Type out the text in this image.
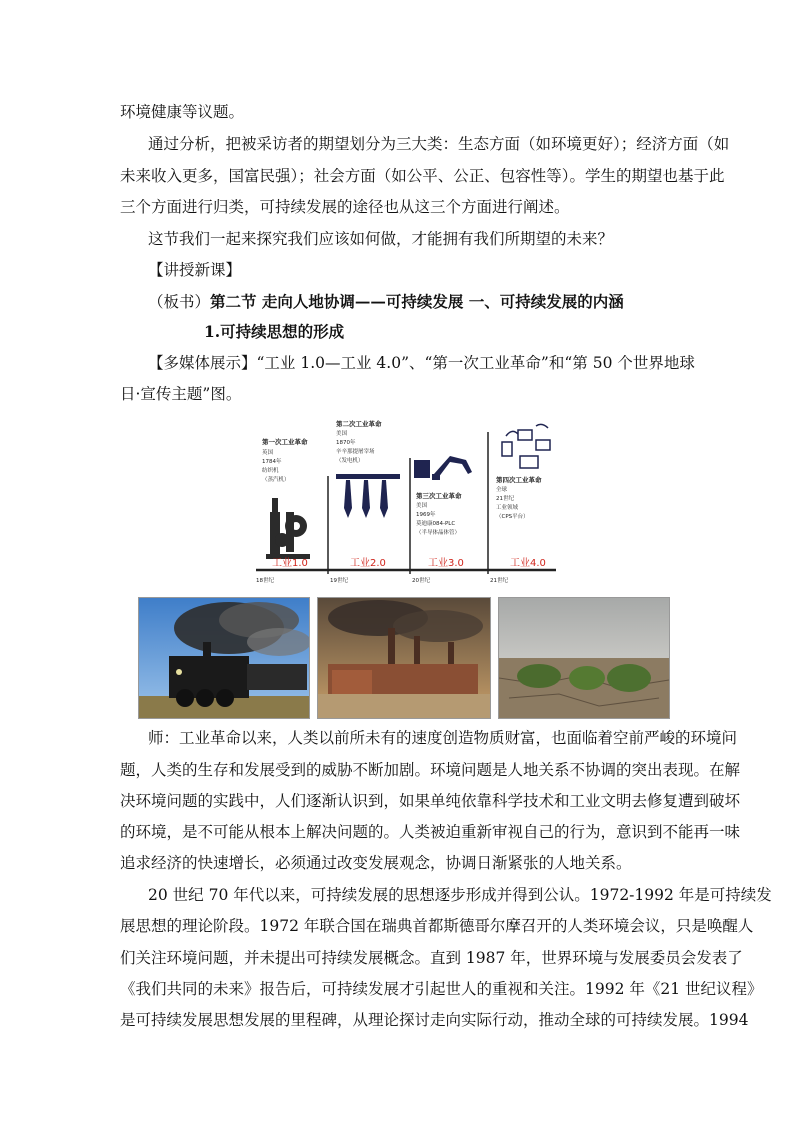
环境健康等议题。
通过分析，把被采访者的期望划分为三大类：生态方面（如环境更好）；经济方面（如
未来收入更多，国富民强）；社会方面（如公平、公正、包容性等）。学生的期望也基于此
三个方面进行归类，可持续发展的途径也从这三个方面进行阐述。
这节我们一起来探究我们应该如何做，才能拥有我们所期望的未来？
【讲授新课】
（板书）第二节 走向人地协调——可持续发展 一、可持续发展的内涵
1.可持续思想的形成
【多媒体展示】“工业 1.0—工业 4.0”、“第一次工业革命”和“第 50 个世界地球
日·宣传主题”图。
第一次工业革命
英国
1784年
纺织机
（蒸汽机）
工业1.0
第二次工业革命
美国
1870年
辛辛那提屠宰场
（发电机）
工业2.0
第三次工业革命
美国
1969年
莫迪康084-PLC
（半导体晶体管）
工业3.0
第四次工业革命
全球
21世纪
工业领域
（CPS平台）
工业4.0
18世纪	19世纪	20世纪	21世纪
师：工业革命以来，人类以前所未有的速度创造物质财富，也面临着空前严峻的环境问
题，人类的生存和发展受到的威胁不断加剧。环境问题是人地关系不协调的突出表现。在解
决环境问题的实践中，人们逐渐认识到，如果单纯依靠科学技术和工业文明去修复遭到破坏
的环境，是不可能从根本上解决问题的。人类被迫重新审视自己的行为，意识到不能再一味
追求经济的快速增长，必须通过改变发展观念，协调日渐紧张的人地关系。
20 世纪 70 年代以来，可持续发展的思想逐步形成并得到公认。1972-1992 年是可持续发
展思想的理论阶段。1972 年联合国在瑞典首都斯德哥尔摩召开的人类环境会议，只是唤醒人
们关注环境问题，并未提出可持续发展概念。直到 1987 年，世界环境与发展委员会发表了
《我们共同的未来》报告后，可持续发展才引起世人的重视和关注。1992 年《21 世纪议程》
是可持续发展思想发展的里程碑，从理论探讨走向实际行动，推动全球的可持续发展。1994
